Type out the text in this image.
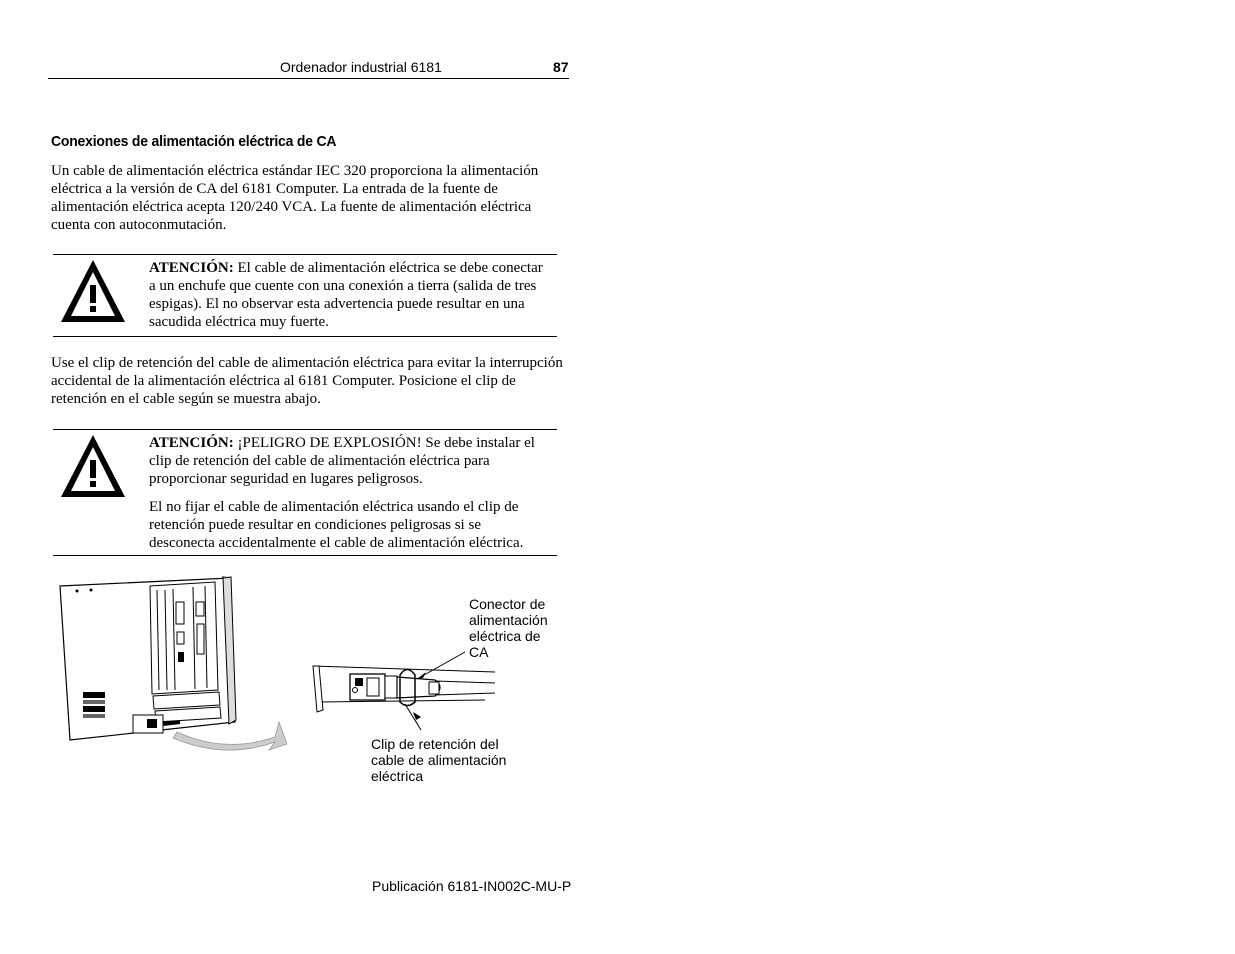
Ordenador industrial 6181	87
Conexiones de alimentación eléctrica de CA
Un cable de alimentación eléctrica estándar IEC 320 proporciona la alimentación eléctrica a la versión de CA del 6181 Computer. La entrada de la fuente de alimentación eléctrica acepta 120/240 VCA. La fuente de alimentación eléctrica cuenta con autoconmutación.

ATENCIÓN: El cable de alimentación eléctrica se debe conectar a un enchufe que cuente con una conexión a tierra (salida de tres espigas). El no observar esta advertencia puede resultar en una sacudida eléctrica muy fuerte.

Use el clip de retención del cable de alimentación eléctrica para evitar la interrupción accidental de la alimentación eléctrica al 6181 Computer. Posicione el clip de retención en el cable según se muestra abajo.

ATENCIÓN: ¡PELIGRO DE EXPLOSIÓN! Se debe instalar el clip de retención del cable de alimentación eléctrica para proporcionar seguridad en lugares peligrosos.

El no fijar el cable de alimentación eléctrica usando el clip de retención puede resultar en condiciones peligrosas si se desconecta accidentalmente el cable de alimentación eléctrica.

Conector de alimentación eléctrica de CA
Clip de retención del cable de alimentación eléctrica
Publicación 6181-IN002C-MU-P
